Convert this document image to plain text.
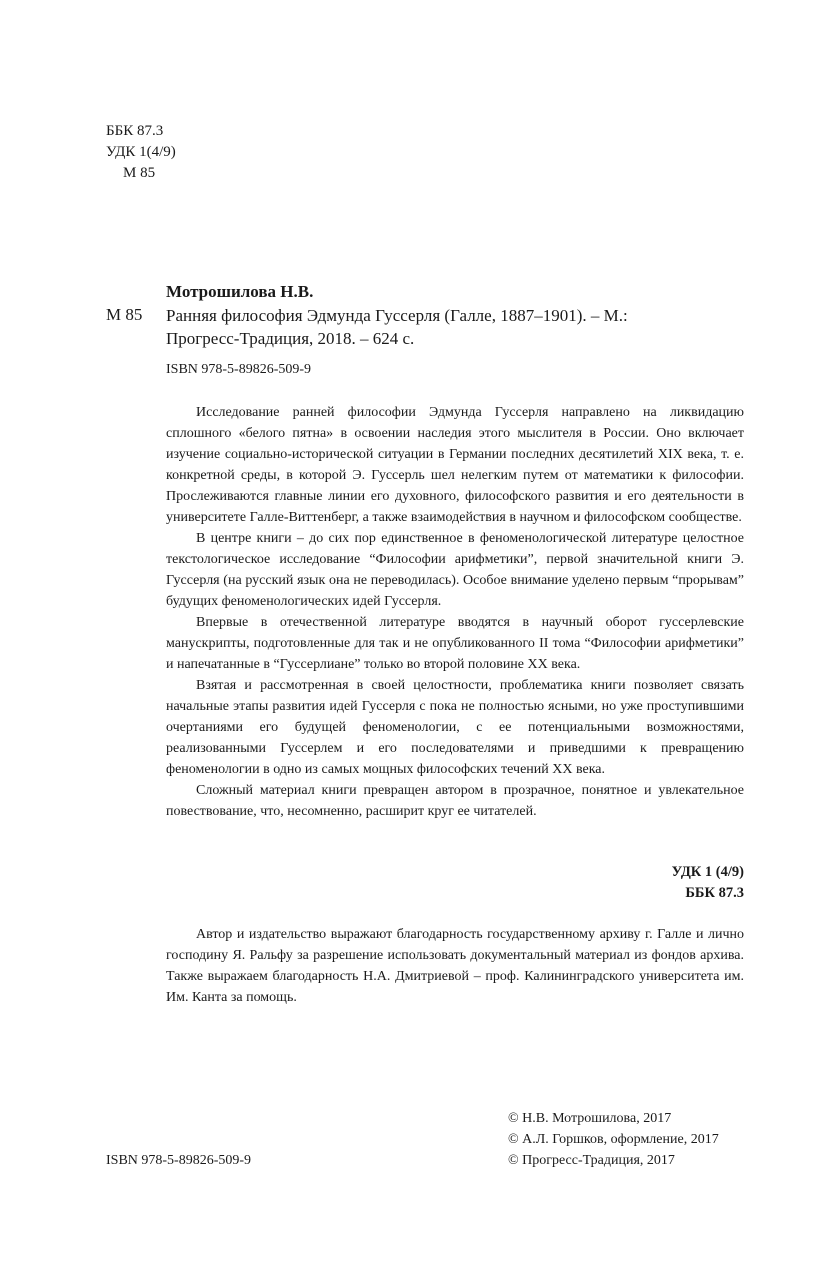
ББК 87.3
УДК 1(4/9)
М 85
Мотрошилова Н.В.
М 85 Ранняя философия Эдмунда Гуссерля (Галле, 1887–1901). – М.:
Прогресс-Традиция, 2018. – 624 с.
ISBN 978-5-89826-509-9

Исследование ранней философии Эдмунда Гуссерля направлено на ликвидацию сплошного «белого пятна» в освоении наследия этого мыслителя в России. Оно включает изучение социально-исторической ситуации в Германии последних десятилетий XIX века, т. е. конкретной среды, в которой Э. Гуссерль шел нелегким путем от математики к философии. Прослеживаются главные линии его духовного, философского развития и его деятельности в университете Галле-Виттенберг, а также взаимодействия в научном и философском сообществе.

В центре книги – до сих пор единственное в феноменологической литературе целостное текстологическое исследование “Философии арифметики”, первой значительной книги Э. Гуссерля (на русский язык она не переводилась). Особое внимание уделено первым “прорывам” будущих феноменологических идей Гуссерля.

Впервые в отечественной литературе вводятся в научный оборот гуссерлевские манускрипты, подготовленные для так и не опубликованного II тома “Философии арифметики” и напечатанные в “Гуссерлиане” только во второй половине XX века.

Взятая и рассмотренная в своей целостности, проблематика книги позволяет связать начальные этапы развития идей Гуссерля с пока не полностью ясными, но уже проступившими очертаниями его будущей феноменологии, с ее потенциальными возможностями, реализованными Гуссерлем и его последователями и приведшими к превращению феноменологии в одно из самых мощных философских течений XX века.

Сложный материал книги превращен автором в прозрачное, понятное и увлекательное повествование, что, несомненно, расширит круг ее читателей.

УДК 1 (4/9)
ББК 87.3
Автор и издательство выражают благодарность государственному архиву г. Галле и лично господину Я. Ральфу за разрешение использовать документальный материал из фондов архива. Также выражаем благодарность Н.А. Дмитриевой – проф. Калининградского университета им. Им. Канта за помощь.
© Н.В. Мотрошилова, 2017
© А.Л. Горшков, оформление, 2017
© Прогресс-Традиция, 2017
ISBN 978-5-89826-509-9
